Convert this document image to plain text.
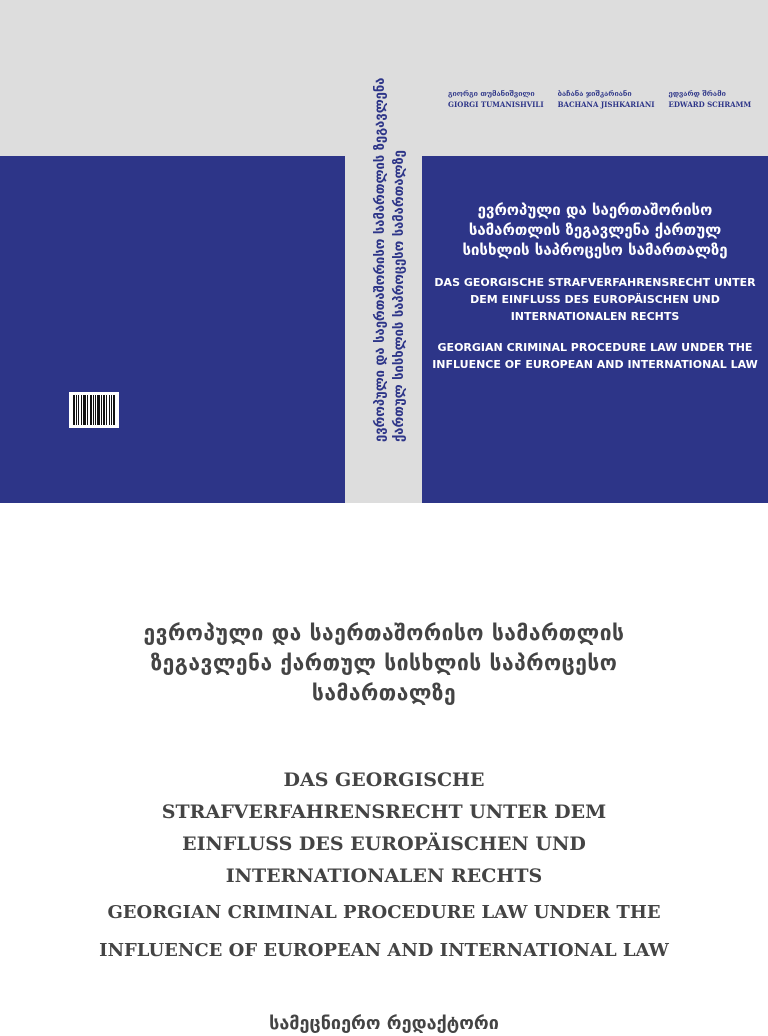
ევროპული და საერთაშორისო სამართლის ზეგავლენა ქართულ სისხლის საპროცესო სამართალზე
გიორგი თუმანიშვილი
GIORGI TUMANISHVILI
ბაჩანა ჯიშკარიანი
BACHANA JISHKARIANI
ედვარდ შრამი
EDWARD SCHRAMM
ევროპული და საერთაშორისო სამართლის ზეგავლენა ქართულ სისხლის საპროცესო სამართალზე
DAS GEORGISCHE STRAFVERFAHRENSRECHT UNTER DEM EINFLUSS DES EUROPÄISCHEN UND INTERNATIONALEN RECHTS
GEORGIAN CRIMINAL PROCEDURE LAW UNDER THE INFLUENCE OF EUROPEAN AND INTERNATIONAL LAW
ევროპული და საერთაშორისო სამართლის ზეგავლენა ქართულ სისხლის საპროცესო სამართალზე
DAS GEORGISCHE STRAFVERFAHRENSRECHT UNTER DEM EINFLUSS DES EUROPÄISCHEN UND INTERNATIONALEN RECHTS
GEORGIAN CRIMINAL PROCEDURE LAW UNDER THE INFLUENCE OF EUROPEAN AND INTERNATIONAL LAW
სამეცნიერო რედაქტორი
